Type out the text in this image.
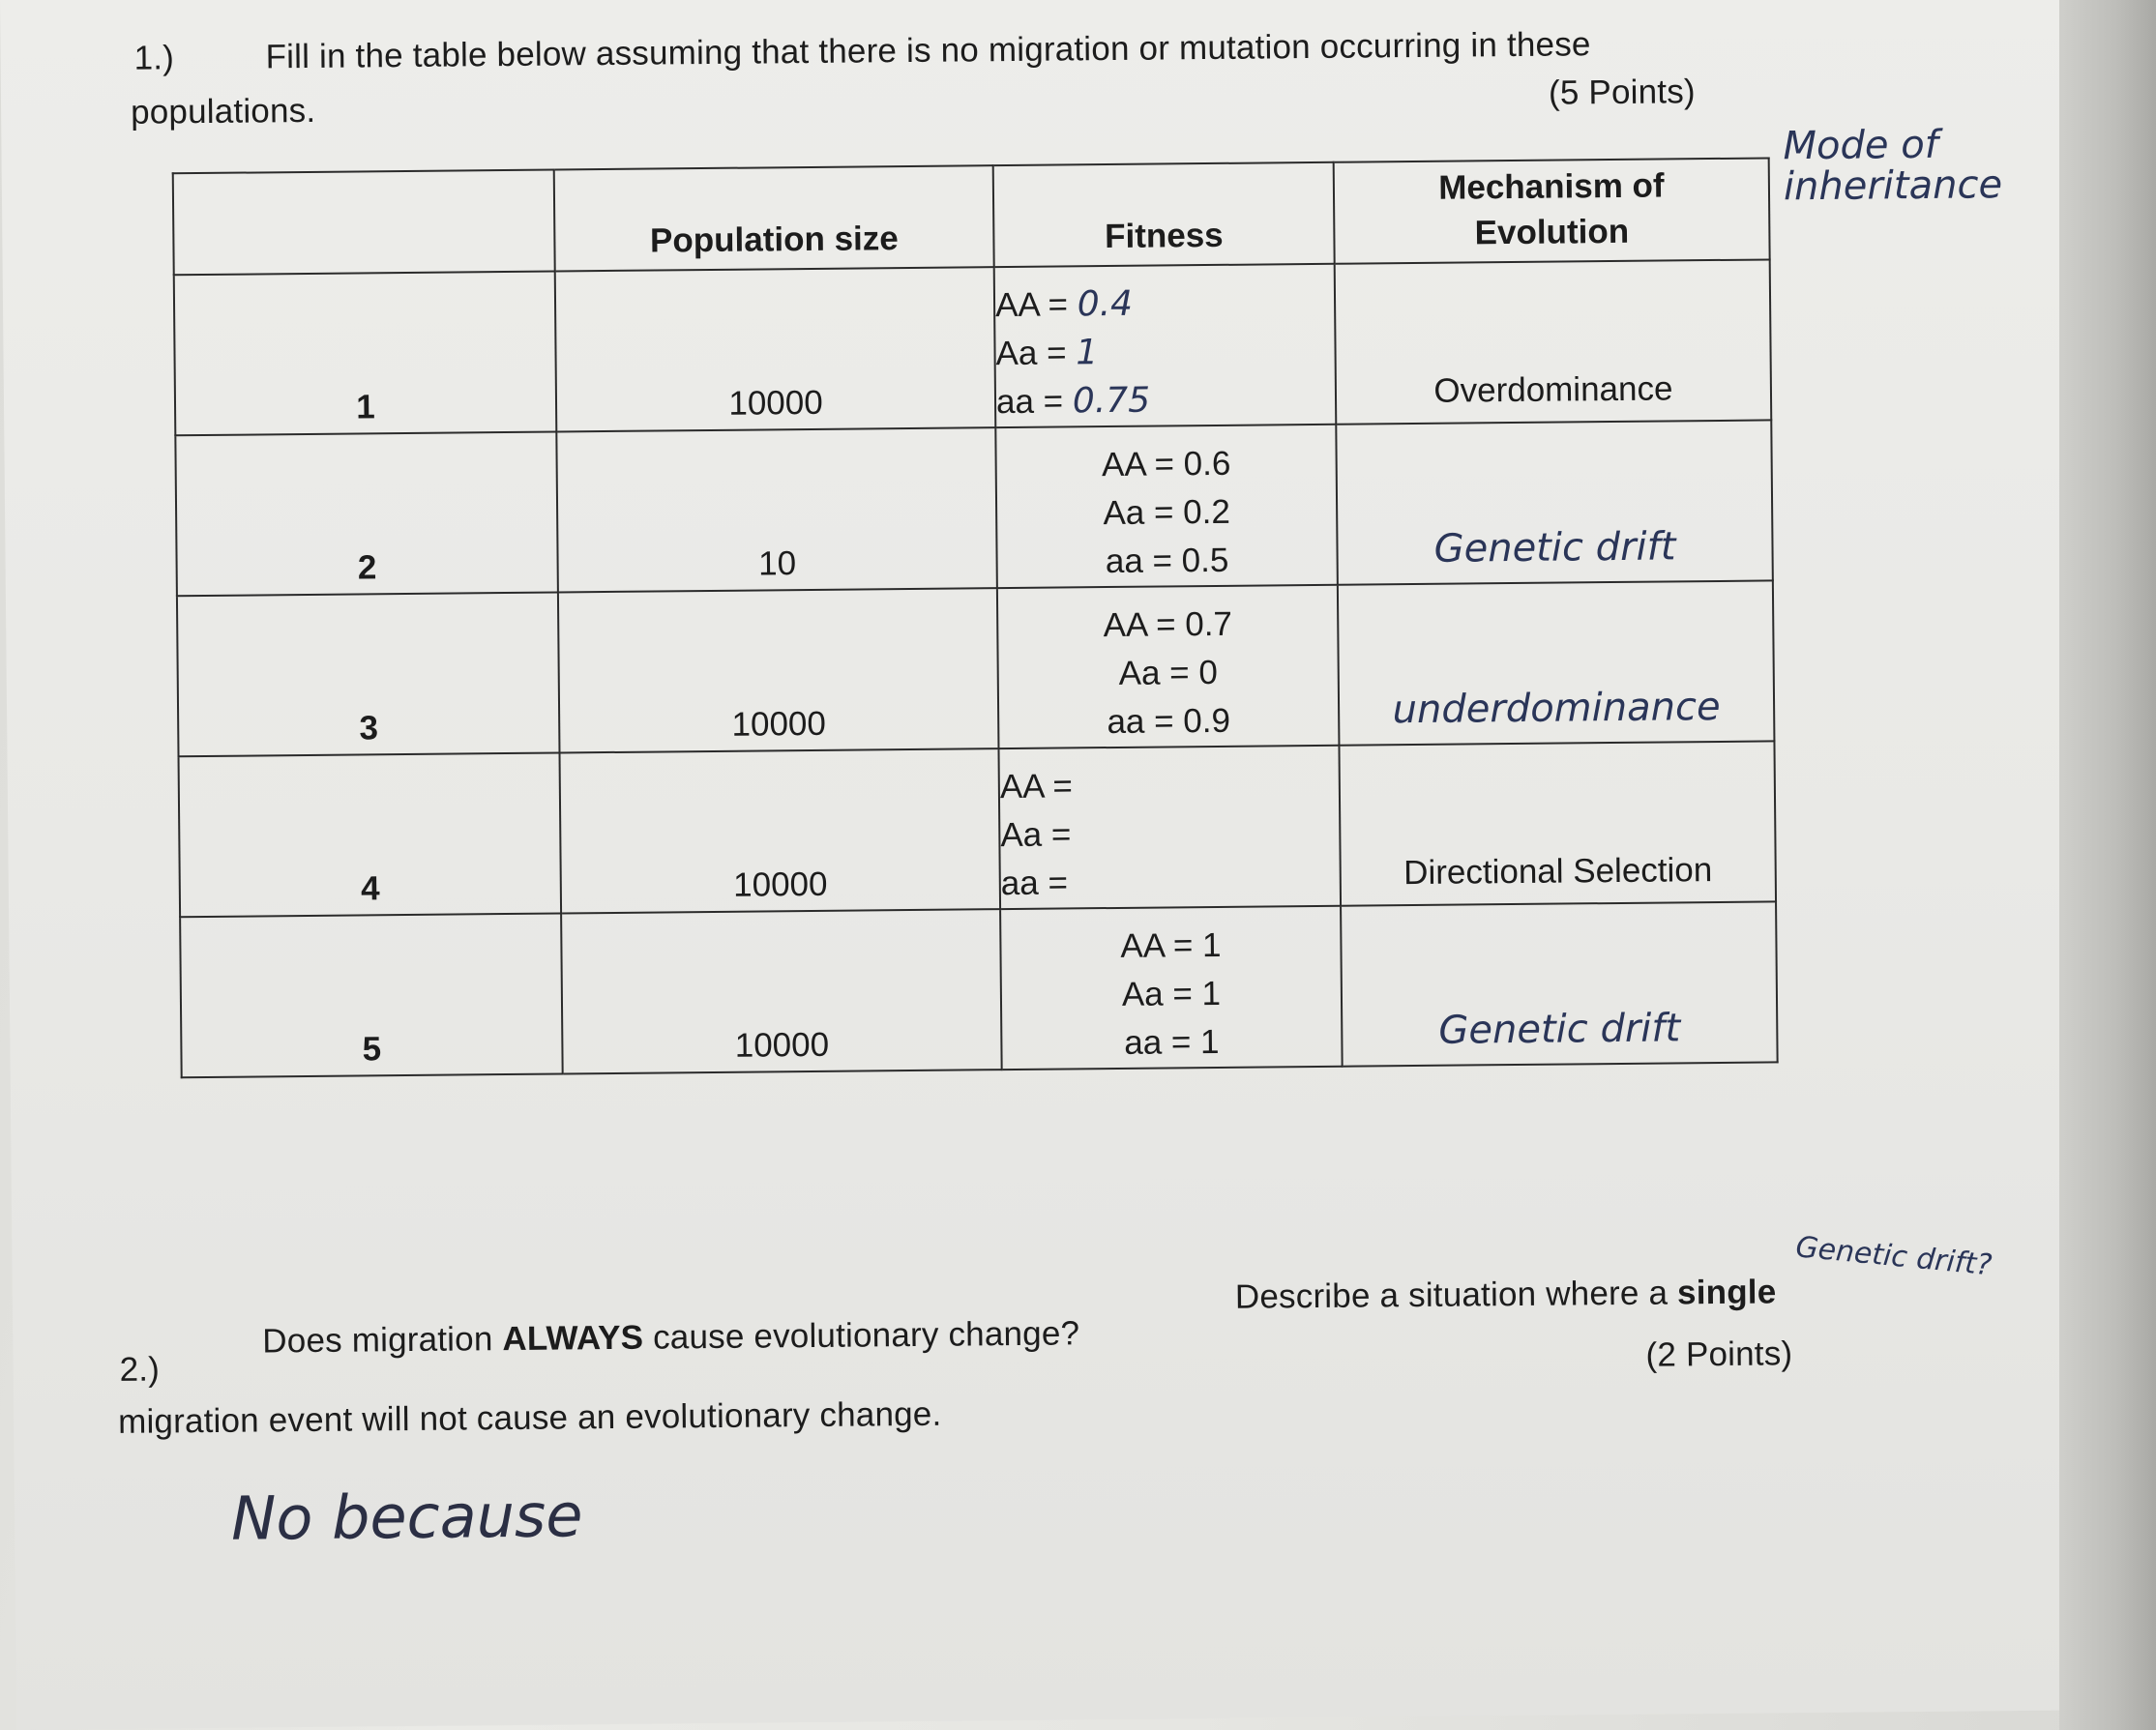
1.)	Fill in the table below assuming that there is no migration or mutation occurring in these
populations.	(5 Points)
Mode of
inheritance
	Population size	Fitness	Mechanism of
Evolution
1	10000	AA = 0.4
Aa = 1
aa = 0.75	Overdominance
2	10	AA = 0.6
Aa = 0.2
aa = 0.5	Genetic drift
3	10000	AA = 0.7
Aa = 0
aa = 0.9	underdominance
4	10000	AA =
Aa =
aa =	Directional Selection
5	10000	AA = 1
Aa = 1
aa = 1	Genetic drift
Genetic drift?
2.)
Does migration ALWAYS cause evolutionary change?
Describe a situation where a single
migration event will not cause an evolutionary change.
(2 Points)
No because
